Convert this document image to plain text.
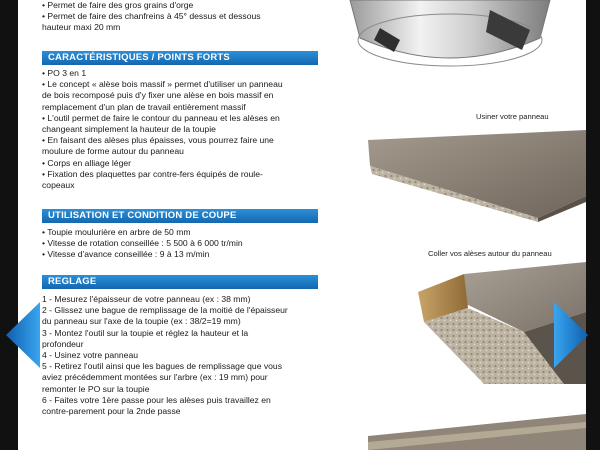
• Permet de faire des gros grains d'orge
• Permet de faire des chanfreins à 45° dessus et dessous
hauteur maxi 20 mm
CARACTÉRISTIQUES / POINTS FORTS
• PO 3 en 1
• Le concept « alèse bois massif » permet d'utiliser un panneau
de bois recomposé puis d'y fixer une alèse en bois massif en
remplacement d'un plan de travail entièrement massif
• L'outil permet de faire le contour du panneau et les alèses en
changeant simplement la hauteur de la toupie
• En faisant des alèses plus épaisses, vous pourrez faire une
moulure de forme autour du panneau
• Corps en alliage léger
• Fixation des plaquettes par contre-fers équipés de roule-
copeaux
UTILISATION ET CONDITION DE COUPE
• Toupie moulurière en arbre de 50 mm
• Vitesse de rotation conseillée : 5 500 à 6 000 tr/min
• Vitesse d'avance conseillée : 9 à 13 m/min
REGLAGE
1 - Mesurez l'épaisseur de votre panneau (ex : 38 mm)
2 - Glissez une bague de remplissage de la moitié de l'épaisseur
du panneau sur l'axe de la toupie (ex : 38/2=19 mm)
3 - Montez l'outil sur la toupie et réglez la hauteur et la
profondeur
4 - Usinez votre panneau
5 - Retirez l'outil ainsi que les bagues de remplissage que vous
aviez précédemment montées sur l'arbre (ex : 19 mm) pour
remonter le PO sur la toupie
6 - Faites votre 1ère passe pour les alèses puis travaillez en
contre-parement pour la 2nde passe
Usiner votre panneau
Coller vos alèses autour du panneau
